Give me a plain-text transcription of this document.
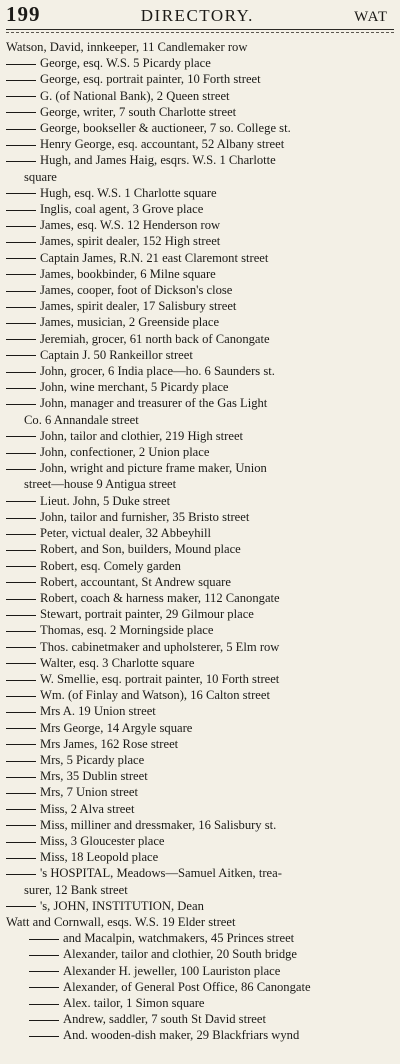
199	DIRECTORY.	WAT
Watson, David, innkeeper, 11 Candlemaker row
George, esq. W.S. 5 Picardy place
George, esq. portrait painter, 10 Forth street
G. (of National Bank), 2 Queen street
George, writer, 7 south Charlotte street
George, bookseller & auctioneer, 7 so. College st.
Henry George, esq. accountant, 52 Albany street
Hugh, and James Haig, esqrs. W.S. 1 Charlotte
square
Hugh, esq. W.S. 1 Charlotte square
Inglis, coal agent, 3 Grove place
James, esq. W.S. 12 Henderson row
James, spirit dealer, 152 High street
Captain James, R.N. 21 east Claremont street
James, bookbinder, 6 Milne square
James, cooper, foot of Dickson's close
James, spirit dealer, 17 Salisbury street
James, musician, 2 Greenside place
Jeremiah, grocer, 61 north back of Canongate
Captain J. 50 Rankeillor street
John, grocer, 6 India place—ho. 6 Saunders st.
John, wine merchant, 5 Picardy place
John, manager and treasurer of the Gas Light
Co. 6 Annandale street
John, tailor and clothier, 219 High street
John, confectioner, 2 Union place
John, wright and picture frame maker, Union
street—house 9 Antigua street
Lieut. John, 5 Duke street
John, tailor and furnisher, 35 Bristo street
Peter, victual dealer, 32 Abbeyhill
Robert, and Son, builders, Mound place
Robert, esq. Comely garden
Robert, accountant, St Andrew square
Robert, coach & harness maker, 112 Canongate
Stewart, portrait painter, 29 Gilmour place
Thomas, esq. 2 Morningside place
Thos. cabinetmaker and upholsterer, 5 Elm row
Walter, esq. 3 Charlotte square
W. Smellie, esq. portrait painter, 10 Forth street
Wm. (of Finlay and Watson), 16 Calton street
Mrs A. 19 Union street
Mrs George, 14 Argyle square
Mrs James, 162 Rose street
Mrs, 5 Picardy place
Mrs, 35 Dublin street
Mrs, 7 Union street
Miss, 2 Alva street
Miss, milliner and dressmaker, 16 Salisbury st.
Miss, 3 Gloucester place
Miss, 18 Leopold place
's HOSPITAL, Meadows—Samuel Aitken, trea-
surer, 12 Bank street
's, JOHN, INSTITUTION, Dean
Watt and Cornwall, esqs. W.S. 19 Elder street
and Macalpin, watchmakers, 45 Princes street
Alexander, tailor and clothier, 20 South bridge
Alexander H. jeweller, 100 Lauriston place
Alexander, of General Post Office, 86 Canongate
Alex. tailor, 1 Simon square
Andrew, saddler, 7 south St David street
And. wooden-dish maker, 29 Blackfriars wynd
